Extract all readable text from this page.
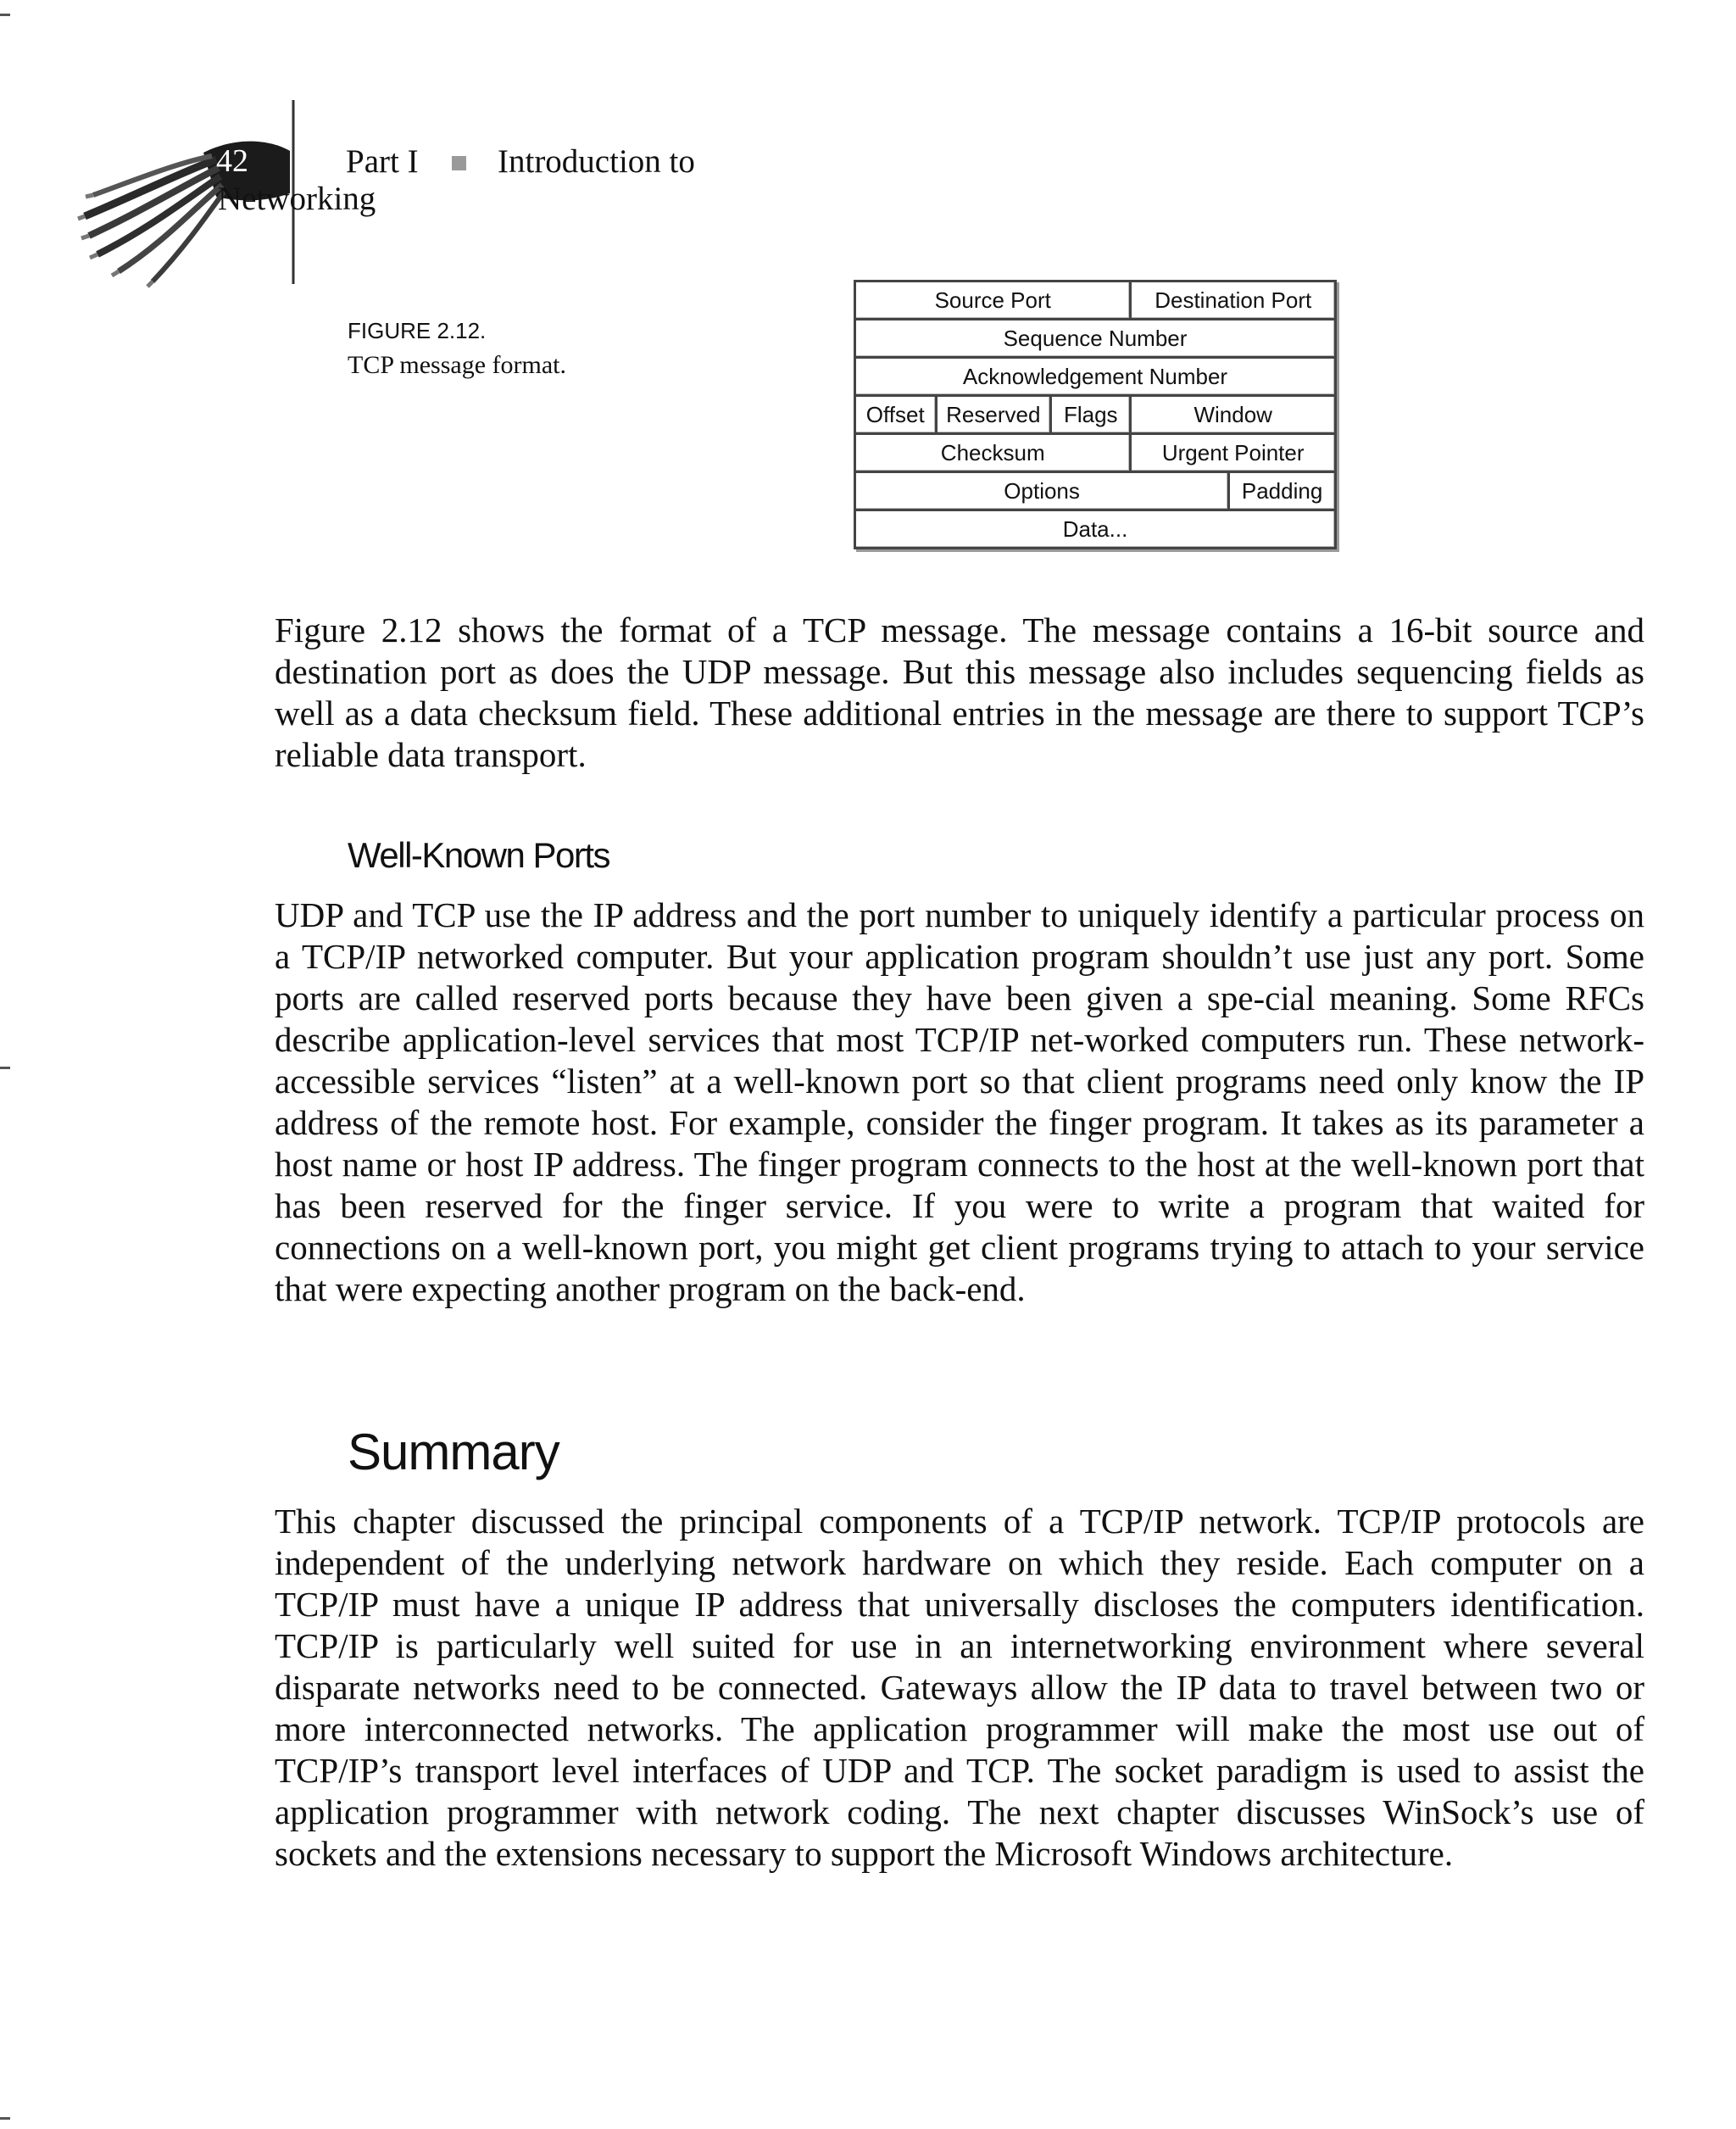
42	Part I Introduction to
Networking
FIGURE 2.12.
TCP message format.
Source Port			Destination Port	
Sequence Number				
Acknowledgement Number				
Offset	Reserved	Flags	Window	
Checksum			Urgent Pointer	
Options				Padding
Data...				

Figure 2.12 shows the format of a TCP message. The message contains a 16-bit source and destination port as does the UDP message. But this message also includes sequencing fields as well as a data checksum field. These additional entries in the message are there to support TCP’s reliable data transport.

Well-Known Ports

UDP and TCP use the IP address and the port number to uniquely identify a particular process on a TCP/IP networked computer. But your application program shouldn’t use just any port. Some ports are called reserved ports because they have been given a spe-cial meaning. Some RFCs describe application-level services that most TCP/IP net-worked computers run. These network-accessible services “listen” at a well-known port so that client programs need only know the IP address of the remote host. For example, consider the finger program. It takes as its parameter a host name or host IP address. The finger program connects to the host at the well-known port that has been reserved for the finger service. If you were to write a program that waited for connections on a well-known port, you might get client programs trying to attach to your service that were expecting another program on the back-end.

Summary

This chapter discussed the principal components of a TCP/IP network. TCP/IP protocols are independent of the underlying network hardware on which they reside. Each computer on a TCP/IP must have a unique IP address that universally discloses the computers identification. TCP/IP is particularly well suited for use in an internetworking environment where several disparate networks need to be connected. Gateways allow the IP data to travel between two or more interconnected networks. The application programmer will make the most use out of TCP/IP’s transport level interfaces of UDP and TCP. The socket paradigm is used to assist the application programmer with network coding. The next chapter discusses WinSock’s use of sockets and the extensions necessary to support the Microsoft Windows architecture.
